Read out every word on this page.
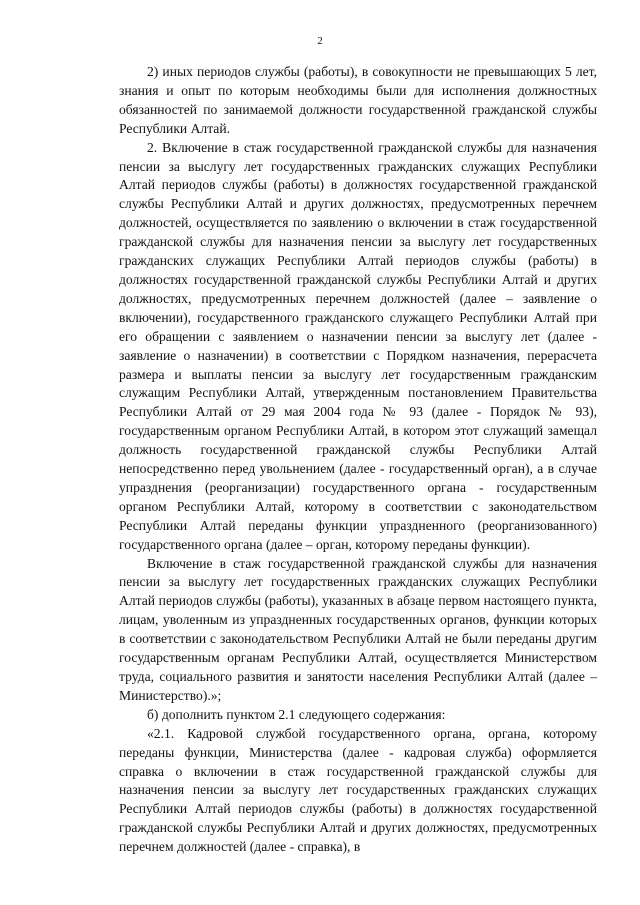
2

2) иных периодов службы (работы), в совокупности не превышающих 5 лет, знания и опыт по которым необходимы были для исполнения должностных обязанностей по занимаемой должности государственной гражданской службы Республики Алтай.

2. Включение в стаж государственной гражданской службы для назначения пенсии за выслугу лет государственных гражданских служащих Республики Алтай периодов службы (работы) в должностях государственной гражданской службы Республики Алтай и других должностях, предусмотренных перечнем должностей, осуществляется по заявлению о включении в стаж государственной гражданской службы для назначения пенсии за выслугу лет государственных гражданских служащих Республики Алтай периодов службы (работы) в должностях государственной гражданской службы Республики Алтай и других должностях, предусмотренных перечнем должностей (далее – заявление о включении), государственного гражданского служащего Республики Алтай при его обращении с заявлением о назначении пенсии за выслугу лет (далее - заявление о назначении) в соответствии с Порядком назначения, перерасчета размера и выплаты пенсии за выслугу лет государственным гражданским служащим Республики Алтай, утвержденным постановлением Правительства Республики Алтай от 29 мая 2004 года № 93 (далее - Порядок № 93), государственным органом Республики Алтай, в котором этот служащий замещал должность государственной гражданской службы Республики Алтай непосредственно перед увольнением (далее - государственный орган), а в случае упразднения (реорганизации) государственного органа - государственным органом Республики Алтай, которому в соответствии с законодательством Республики Алтай переданы функции упраздненного (реорганизованного) государственного органа (далее – орган, которому переданы функции).

Включение в стаж государственной гражданской службы для назначения пенсии за выслугу лет государственных гражданских служащих Республики Алтай периодов службы (работы), указанных в абзаце первом настоящего пункта, лицам, уволенным из упраздненных государственных органов, функции которых в соответствии с законодательством Республики Алтай не были переданы другим государственным органам Республики Алтай, осуществляется Министерством труда, социального развития и занятости населения Республики Алтай (далее – Министерство).»;

б) дополнить пунктом 2.1 следующего содержания:

«2.1. Кадровой службой государственного органа, органа, которому переданы функции, Министерства (далее - кадровая служба) оформляется справка о включении в стаж государственной гражданской службы для назначения пенсии за выслугу лет государственных гражданских служащих Республики Алтай периодов службы (работы) в должностях государственной гражданской службы Республики Алтай и других должностях, предусмотренных перечнем должностей (далее - справка), в
